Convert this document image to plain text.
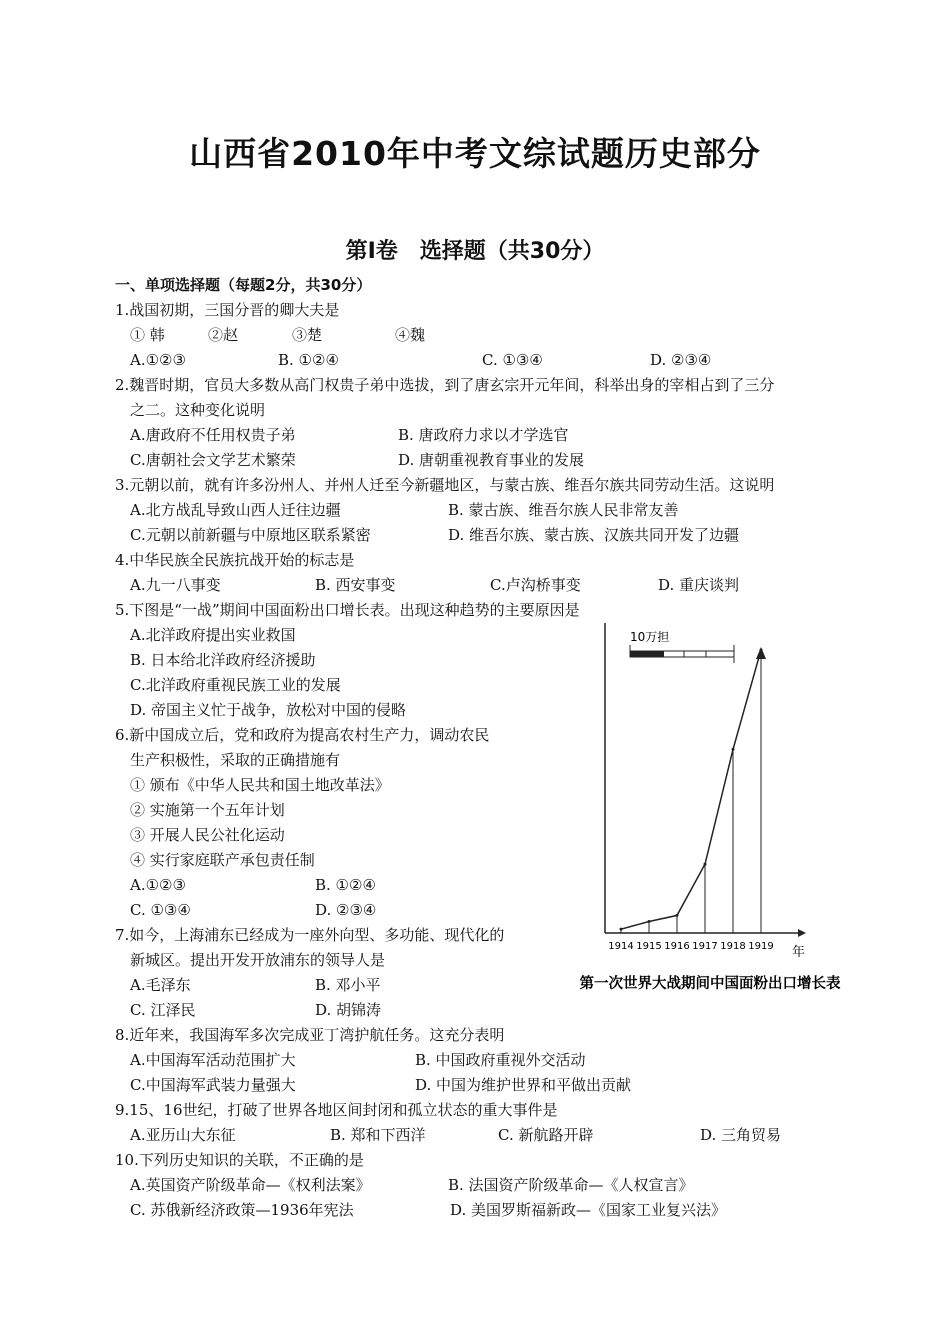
山西省2010年中考文综试题历史部分
第Ⅰ卷　选择题（共30分）
一、单项选择题（每题2分，共30分）
1.战国初期，三国分晋的卿大夫是
① 韩	②赵	③楚	④魏
A.①②③	B. ①②④	C. ①③④	D. ②③④
2.魏晋时期，官员大多数从高门权贵子弟中选拔，到了唐玄宗开元年间，科举出身的宰相占到了三分
之二。这种变化说明
A.唐政府不任用权贵子弟	B. 唐政府力求以才学选官
C.唐朝社会文学艺术繁荣	D. 唐朝重视教育事业的发展
3.元朝以前，就有许多汾州人、并州人迁至今新疆地区，与蒙古族、维吾尔族共同劳动生活。这说明
A.北方战乱导致山西人迁往边疆	B. 蒙古族、维吾尔族人民非常友善
C.元朝以前新疆与中原地区联系紧密	D. 维吾尔族、蒙古族、汉族共同开发了边疆
4.中华民族全民族抗战开始的标志是
A.九一八事变	B. 西安事变	C.卢沟桥事变	D. 重庆谈判
5.下图是“一战”期间中国面粉出口增长表。出现这种趋势的主要原因是
A.北洋政府提出实业救国
B. 日本给北洋政府经济援助
C.北洋政府重视民族工业的发展
D. 帝国主义忙于战争，放松对中国的侵略
6.新中国成立后，党和政府为提高农村生产力，调动农民
生产积极性，采取的正确措施有
① 颁布《中华人民共和国土地改革法》
② 实施第一个五年计划
③ 开展人民公社化运动
④ 实行家庭联产承包责任制
A.①②③	B. ①②④
C. ①③④	D. ②③④
7.如今，上海浦东已经成为一座外向型、多功能、现代化的
新城区。提出开发开放浦东的领导人是
A.毛泽东	B. 邓小平
C. 江泽民	D. 胡锦涛
8.近年来，我国海军多次完成亚丁湾护航任务。这充分表明
A.中国海军活动范围扩大	B. 中国政府重视外交活动
C.中国海军武装力量强大	D. 中国为维护世界和平做出贡献
9.15、16世纪，打破了世界各地区间封闭和孤立状态的重大事件是
A.亚历山大东征	B. 郑和下西洋	C. 新航路开辟	D. 三角贸易
10.下列历史知识的关联，不正确的是
A.英国资产阶级革命—《权利法案》	B. 法国资产阶级革命—《人权宣言》
C. 苏俄新经济政策—1936年宪法	D. 美国罗斯福新政—《国家工业复兴法》
1914 1915 1916 1917 1918 1919
10万担
年
第一次世界大战期间中国面粉出口增长表
